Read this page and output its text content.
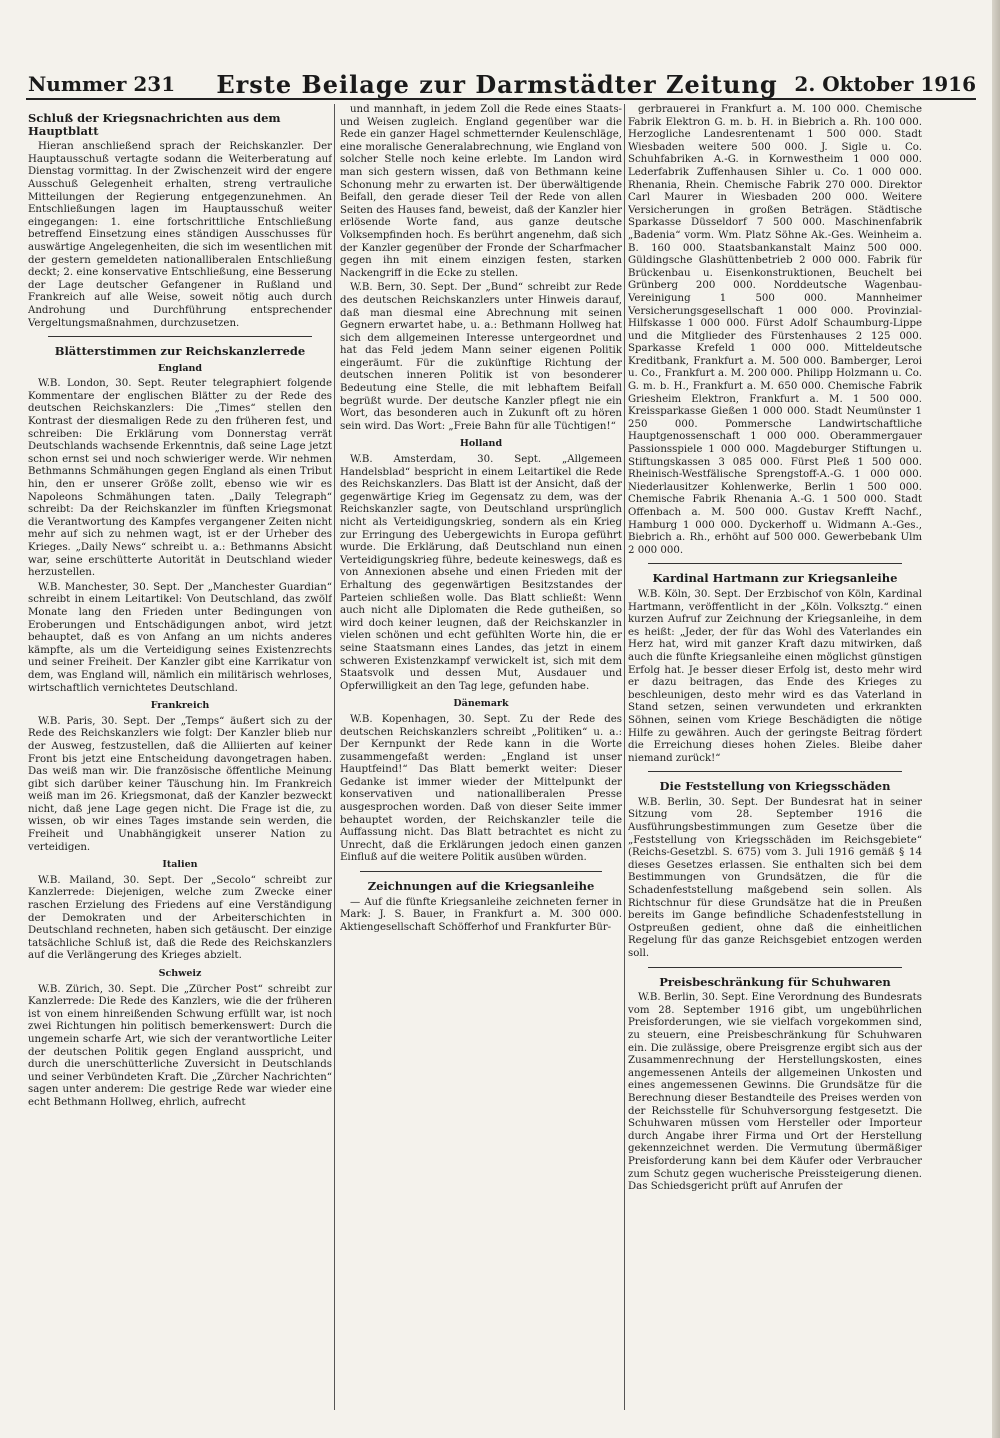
Nummer 231	Erste Beilage zur Darmstädter Zeitung 2. Oktober 1916
Schluß der Kriegsnachrichten aus dem Hauptblatt

Hieran anschließend sprach der Reichskanzler. Der Hauptausschuß vertagte sodann die Weiterberatung auf Dienstag vormittag. In der Zwischenzeit wird der engere Ausschuß Gelegenheit erhalten, streng vertrauliche Mitteilungen der Regierung entgegenzunehmen. An Entschließungen lagen im Hauptausschuß weiter eingegangen: 1. eine fortschrittliche Entschließung betreffend Einsetzung eines ständigen Ausschusses für auswärtige Angelegenheiten, die sich im wesentlichen mit der gestern gemeldeten nationalliberalen Entschließung deckt; 2. eine konservative Entschließung, eine Besserung der Lage deutscher Gefangener in Rußland und Frankreich auf alle Weise, soweit nötig auch durch Androhung und Durchführung entsprechender Vergeltungsmaßnahmen, durchzusetzen.

Blätterstimmen zur Reichskanzlerrede
England

W.B. London, 30. Sept. Reuter telegraphiert folgende Kommentare der englischen Blätter zu der Rede des deutschen Reichskanzlers: Die „Times“ stellen den Kontrast der diesmaligen Rede zu den früheren fest, und schreiben: Die Erklärung vom Donnerstag verrät Deutschlands wachsende Erkenntnis, daß seine Lage jetzt schon ernst sei und noch schwieriger werde. Wir nehmen Bethmanns Schmähungen gegen England als einen Tribut hin, den er unserer Größe zollt, ebenso wie wir es Napoleons Schmähungen taten. „Daily Telegraph“ schreibt: Da der Reichskanzler im fünften Kriegsmonat die Verantwortung des Kampfes vergangener Zeiten nicht mehr auf sich zu nehmen wagt, ist er der Urheber des Krieges. „Daily News“ schreibt u. a.: Bethmanns Absicht war, seine erschütterte Autorität in Deutschland wieder herzustellen.

W.B. Manchester, 30. Sept. Der „Manchester Guardian“ schreibt in einem Leitartikel: Von Deutschland, das zwölf Monate lang den Frieden unter Bedingungen von Eroberungen und Entschädigungen anbot, wird jetzt behauptet, daß es von Anfang an um nichts anderes kämpfte, als um die Verteidigung seines Existenzrechts und seiner Freiheit. Der Kanzler gibt eine Karrikatur von dem, was England will, nämlich ein militärisch wehrloses, wirtschaftlich vernichtetes Deutschland.

Frankreich

W.B. Paris, 30. Sept. Der „Temps“ äußert sich zu der Rede des Reichskanzlers wie folgt: Der Kanzler blieb nur der Ausweg, festzustellen, daß die Alliierten auf keiner Front bis jetzt eine Entscheidung davongetragen haben. Das weiß man wir. Die französische öffentliche Meinung gibt sich darüber keiner Täuschung hin. Im Frankreich weiß man im 26. Kriegsmonat, daß der Kanzler bezweckt nicht, daß jene Lage gegen nicht. Die Frage ist die, zu wissen, ob wir eines Tages imstande sein werden, die Freiheit und Unabhängigkeit unserer Nation zu verteidigen.

Italien

W.B. Mailand, 30. Sept. Der „Secolo“ schreibt zur Kanzlerrede: Diejenigen, welche zum Zwecke einer raschen Erzielung des Friedens auf eine Verständigung der Demokraten und der Arbeiterschichten in Deutschland rechneten, haben sich getäuscht. Der einzige tatsächliche Schluß ist, daß die Rede des Reichskanzlers auf die Verlängerung des Krieges abzielt.

Schweiz

W.B. Zürich, 30. Sept. Die „Zürcher Post“ schreibt zur Kanzlerrede: Die Rede des Kanzlers, wie die der früheren ist von einem hinreißenden Schwung erfüllt war, ist noch zwei Richtungen hin politisch bemerkenswert: Durch die ungemein scharfe Art, wie sich der verantwortliche Leiter der deutschen Politik gegen England ausspricht, und durch die unerschütterliche Zuversicht in Deutschlands und seiner Verbündeten Kraft. Die „Zürcher Nachrichten“ sagen unter anderem: Die gestrige Rede war wieder eine echt Bethmann Hollweg, ehrlich, aufrecht

und mannhaft, in jedem Zoll die Rede eines Staats- und Weisen zugleich. England gegenüber war die Rede ein ganzer Hagel schmetternder Keulenschläge, eine moralische Generalabrechnung, wie England von solcher Stelle noch keine erlebte. Im Landon wird man sich gestern wissen, daß von Bethmann keine Schonung mehr zu erwarten ist. Der überwältigende Beifall, den gerade dieser Teil der Rede von allen Seiten des Hauses fand, beweist, daß der Kanzler hier erlösende Worte fand, aus ganze deutsche Volksempfinden hoch. Es berührt angenehm, daß sich der Kanzler gegenüber der Fronde der Scharfmacher gegen ihn mit einem einzigen festen, starken Nackengriff in die Ecke zu stellen.

W.B. Bern, 30. Sept. Der „Bund“ schreibt zur Rede des deutschen Reichskanzlers unter Hinweis darauf, daß man diesmal eine Abrechnung mit seinen Gegnern erwartet habe, u. a.: Bethmann Hollweg hat sich dem allgemeinen Interesse untergeordnet und hat das Feld jedem Mann seiner eigenen Politik eingeräumt. Für die zukünftige Richtung der deutschen inneren Politik ist von besonderer Bedeutung eine Stelle, die mit lebhaftem Beifall begrüßt wurde. Der deutsche Kanzler pflegt nie ein Wort, das besonderen auch in Zukunft oft zu hören sein wird. Das Wort: „Freie Bahn für alle Tüchtigen!“

Holland

W.B. Amsterdam, 30. Sept. „Allgemeen Handelsblad“ bespricht in einem Leitartikel die Rede des Reichskanzlers. Das Blatt ist der Ansicht, daß der gegenwärtige Krieg im Gegensatz zu dem, was der Reichskanzler sagte, von Deutschland ursprünglich nicht als Verteidigungskrieg, sondern als ein Krieg zur Erringung des Uebergewichts in Europa geführt wurde. Die Erklärung, daß Deutschland nun einen Verteidigungskrieg führe, bedeute keineswegs, daß es von Annexionen absehe und einen Frieden mit der Erhaltung des gegenwärtigen Besitzstandes der Parteien schließen wolle. Das Blatt schließt: Wenn auch nicht alle Diplomaten die Rede gutheißen, so wird doch keiner leugnen, daß der Reichskanzler in vielen schönen und echt gefühlten Worte hin, die er seine Staatsmann eines Landes, das jetzt in einem schweren Existenzkampf verwickelt ist, sich mit dem Staatsvolk und dessen Mut, Ausdauer und Opferwilligkeit an den Tag lege, gefunden habe.

Dänemark

W.B. Kopenhagen, 30. Sept. Zu der Rede des deutschen Reichskanzlers schreibt „Politiken“ u. a.: Der Kernpunkt der Rede kann in die Worte zusammengefaßt werden: „England ist unser Hauptfeind!“ Das Blatt bemerkt weiter: Dieser Gedanke ist immer wieder der Mittelpunkt der konservativen und nationalliberalen Presse ausgesprochen worden. Daß von dieser Seite immer behauptet worden, der Reichskanzler teile die Auffassung nicht. Das Blatt betrachtet es nicht zu Unrecht, daß die Erklärungen jedoch einen ganzen Einfluß auf die weitere Politik ausüben würden.

Zeichnungen auf die Kriegsanleihe

— Auf die fünfte Kriegsanleihe zeichneten ferner in Mark: J. S. Bauer, in Frankfurt a. M. 300 000. Aktiengesellschaft Schöfferhof und Frankfurter Bür-

gerbrauerei in Frankfurt a. M. 100 000. Chemische Fabrik Elektron G. m. b. H. in Biebrich a. Rh. 100 000. Herzogliche Landesrentenamt 1 500 000. Stadt Wiesbaden weitere 500 000. J. Sigle u. Co. Schuhfabriken A.-G. in Kornwestheim 1 000 000. Lederfabrik Zuffenhausen Sihler u. Co. 1 000 000. Rhenania, Rhein. Chemische Fabrik 270 000. Direktor Carl Maurer in Wiesbaden 200 000. Weitere Versicherungen in großen Beträgen. Städtische Sparkasse Düsseldorf 7 500 000. Maschinenfabrik „Badenia“ vorm. Wm. Platz Söhne Ak.-Ges. Weinheim a. B. 160 000. Staatsbankanstalt Mainz 500 000. Güldingsche Glashüttenbetrieb 2 000 000. Fabrik für Brückenbau u. Eisenkonstruktionen, Beuchelt bei Grünberg 200 000. Norddeutsche Wagenbau-Vereinigung 1 500 000. Mannheimer Versicherungsgesellschaft 1 000 000. Provinzial-Hilfskasse 1 000 000. Fürst Adolf Schaumburg-Lippe und die Mitglieder des Fürstenhauses 2 125 000. Sparkasse Krefeld 1 000 000. Mitteldeutsche Kreditbank, Frankfurt a. M. 500 000. Bamberger, Leroi u. Co., Frankfurt a. M. 200 000. Philipp Holzmann u. Co. G. m. b. H., Frankfurt a. M. 650 000. Chemische Fabrik Griesheim Elektron, Frankfurt a. M. 1 500 000. Kreissparkasse Gießen 1 000 000. Stadt Neumünster 1 250 000. Pommersche Landwirtschaftliche Hauptgenossenschaft 1 000 000. Oberammergauer Passionsspiele 1 000 000. Magdeburger Stiftungen u. Stiftungskassen 3 085 000. Fürst Pleß 1 500 000. Rheinisch-Westfälische Sprengstoff-A.-G. 1 000 000. Niederlausitzer Kohlenwerke, Berlin 1 500 000. Chemische Fabrik Rhenania A.-G. 1 500 000. Stadt Offenbach a. M. 500 000. Gustav Krefft Nachf., Hamburg 1 000 000. Dyckerhoff u. Widmann A.-Ges., Biebrich a. Rh., erhöht auf 500 000. Gewerbebank Ulm 2 000 000.

Kardinal Hartmann zur Kriegsanleihe

W.B. Köln, 30. Sept. Der Erzbischof von Köln, Kardinal Hartmann, veröffentlicht in der „Köln. Volksztg.“ einen kurzen Aufruf zur Zeichnung der Kriegsanleihe, in dem es heißt: „Jeder, der für das Wohl des Vaterlandes ein Herz hat, wird mit ganzer Kraft dazu mitwirken, daß auch die fünfte Kriegsanleihe einen möglichst günstigen Erfolg hat. Je besser dieser Erfolg ist, desto mehr wird er dazu beitragen, das Ende des Krieges zu beschleunigen, desto mehr wird es das Vaterland in Stand setzen, seinen verwundeten und erkrankten Söhnen, seinen vom Kriege Beschädigten die nötige Hilfe zu gewähren. Auch der geringste Beitrag fördert die Erreichung dieses hohen Zieles. Bleibe daher niemand zurück!“

Die Feststellung von Kriegsschäden

W.B. Berlin, 30. Sept. Der Bundesrat hat in seiner Sitzung vom 28. September 1916 die Ausführungsbestimmungen zum Gesetze über die „Feststellung von Kriegsschäden im Reichsgebiete“ (Reichs-Gesetzbl. S. 675) vom 3. Juli 1916 gemäß § 14 dieses Gesetzes erlassen. Sie enthalten sich bei dem Bestimmungen von Grundsätzen, die für die Schadenfeststellung maßgebend sein sollen. Als Richtschnur für diese Grundsätze hat die in Preußen bereits im Gange befindliche Schadenfeststellung in Ostpreußen gedient, ohne daß die einheitlichen Regelung für das ganze Reichsgebiet entzogen werden soll.

Preisbeschränkung für Schuhwaren

W.B. Berlin, 30. Sept. Eine Verordnung des Bundesrats vom 28. September 1916 gibt, um ungebührlichen Preisforderungen, wie sie vielfach vorgekommen sind, zu steuern, eine Preisbeschränkung für Schuhwaren ein. Die zulässige, obere Preisgrenze ergibt sich aus der Zusammenrechnung der Herstellungskosten, eines angemessenen Anteils der allgemeinen Unkosten und eines angemessenen Gewinns. Die Grundsätze für die Berechnung dieser Bestandteile des Preises werden von der Reichsstelle für Schuhversorgung festgesetzt. Die Schuhwaren müssen vom Hersteller oder Importeur durch Angabe ihrer Firma und Ort der Herstellung gekennzeichnet werden. Die Vermutung übermäßiger Preisforderung kann bei dem Käufer oder Verbraucher zum Schutz gegen wucherische Preissteigerung dienen. Das Schiedsgericht prüft auf Anrufen der
